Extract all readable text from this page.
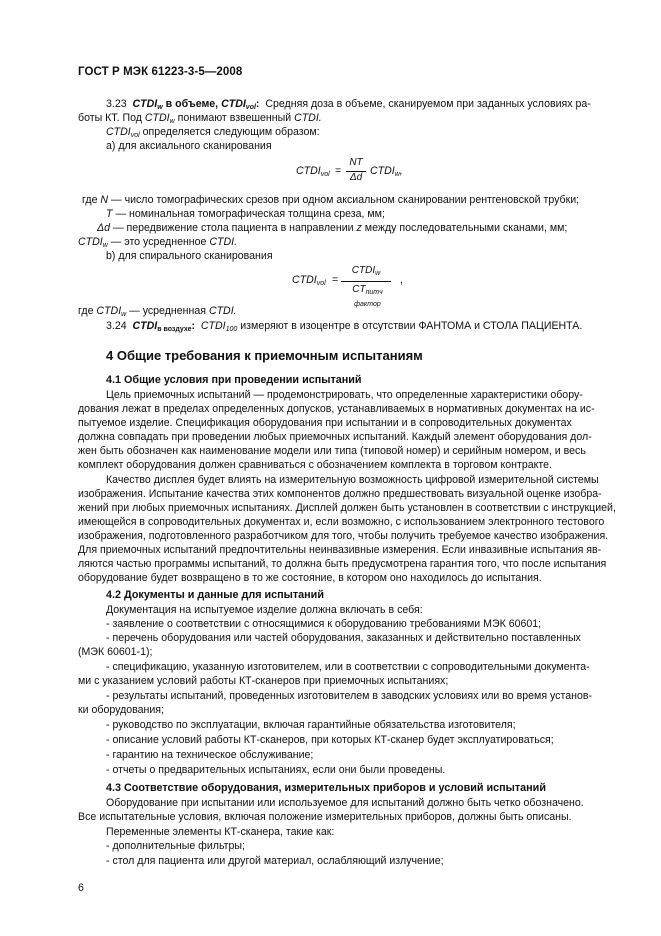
ГОСТ Р МЭК 61223-3-5—2008

3.23 $CTDI_w$ в объеме, $CTDI_{vol}$: Средняя доза в объеме, сканируемом при заданных условиях ра-

боты КТ. Под $CTDI_w$ понимают взвешенный CTDI.

$CTDI_{vol}$ определяется следующим образом:

а) для аксиального сканирования

$CTDI_{vol}$ =
NT
Δd
$CTDI_w$,

где N — число томографических срезов при одном аксиальном сканировании рентгеновской трубки;

T — номинальная томографическая толщина среза, мм;

Δd — передвижение стола пациента в направлении z между последовательными сканами, мм;

$CTDI_w$ — это усредненное CTDI.

b) для спирального сканирования

$CTDI_{vol}$ =
$CTDI_w$
$CT_{питч фактор}$
,

где $CTDI_w$ — усредненная CTDI.

3.24 $CTDI_{в воздухе}$: $CTDI_{100}$ измеряют в изоцентре в отсутствии ФАНТОМА и СТОЛА ПАЦИЕНТА.

4 Общие требования к приемочным испытаниям
4.1 Общие условия при проведении испытаний

Цель приемочных испытаний — продемонстрировать, что определенные характеристики обору-

дования лежат в пределах определенных допусков, устанавливаемых в нормативных документах на ис-

пытуемое изделие. Спецификация оборудования при испытании и в сопроводительных документах

должна совпадать при проведении любых приемочных испытаний. Каждый элемент оборудования дол-

жен быть обозначен как наименование модели или типа (типовой номер) и серийным номером, и весь

комплект оборудования должен сравниваться с обозначением комплекта в торговом контракте.

Качество дисплея будет влиять на измерительную возможность цифровой измерительной системы

изображения. Испытание качества этих компонентов должно предшествовать визуальной оценке изобра-

жений при любых приемочных испытаниях. Дисплей должен быть установлен в соответствии с инструкцией,

имеющейся в сопроводительных документах и, если возможно, с использованием электронного тестового

изображения, подготовленного разработчиком для того, чтобы получить требуемое качество изображения.

Для приемочных испытаний предпочтительны неинвазивные измерения. Если инвазивные испытания яв-

ляются частью программы испытаний, то должна быть предусмотрена гарантия того, что после испытания

оборудование будет возвращено в то же состояние, в котором оно находилось до испытания.

4.2 Документы и данные для испытаний

Документация на испытуемое изделие должна включать в себя:

- заявление о соответствии с относящимися к оборудованию требованиями МЭК 60601;

- перечень оборудования или частей оборудования, заказанных и действительно поставленных

(МЭК 60601-1);

- спецификацию, указанную изготовителем, или в соответствии с сопроводительными документа-

ми с указанием условий работы КТ-сканеров при приемочных испытаниях;

- результаты испытаний, проведенных изготовителем в заводских условиях или во время установ-

ки оборудования;

- руководство по эксплуатации, включая гарантийные обязательства изготовителя;

- описание условий работы КТ-сканеров, при которых КТ-сканер будет эксплуатироваться;

- гарантию на техническое обслуживание;

- отчеты о предварительных испытаниях, если они были проведены.

4.3 Соответствие оборудования, измерительных приборов и условий испытаний

Оборудование при испытании или используемое для испытаний должно быть четко обозначено.

Все испытательные условия, включая положение измерительных приборов, должны быть описаны.

Переменные элементы КТ-сканера, такие как:

- дополнительные фильтры;

- стол для пациента или другой материал, ослабляющий излучение;

6
